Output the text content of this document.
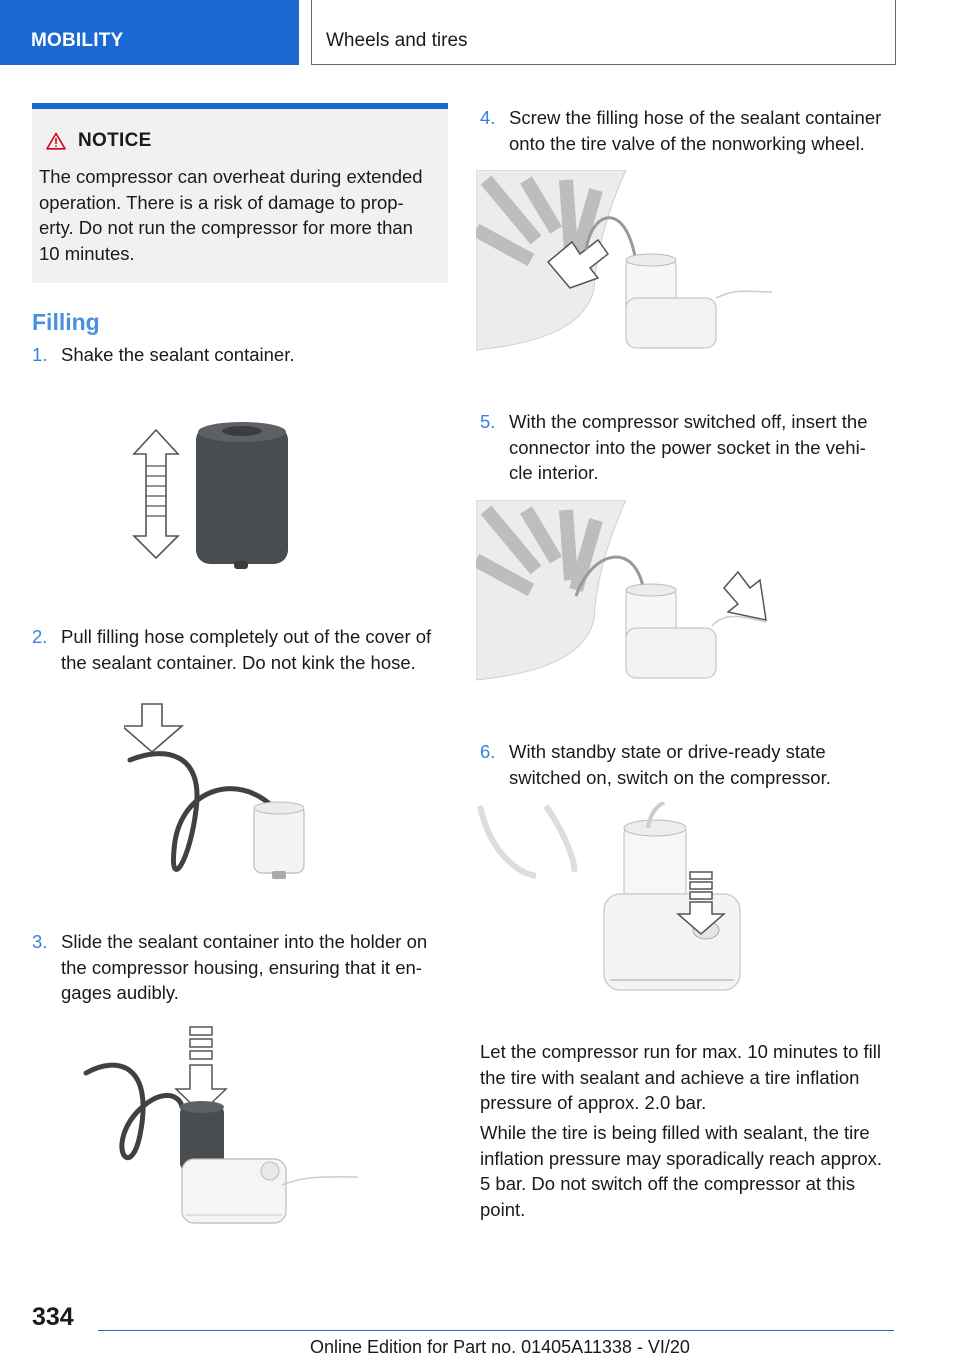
MOBILITY	Wheels and tires
NOTICE
The compressor can overheat during extended
operation. There is a risk of damage to prop‐
erty. Do not run the compressor for more than
10 minutes.
Filling
1. Shake the sealant container.
2. Pull filling hose completely out of the cover of
the sealant container. Do not kink the hose.
3. Slide the sealant container into the holder on
the compressor housing, ensuring that it en‐
gages audibly.
4. Screw the filling hose of the sealant container
onto the tire valve of the nonworking wheel.
5. With the compressor switched off, insert the
connector into the power socket in the vehi‐
cle interior.
6. With standby state or drive-ready state
switched on, switch on the compressor.
Let the compressor run for max. 10 minutes to fill
the tire with sealant and achieve a tire inflation
pressure of approx. 2.0 bar.
While the tire is being filled with sealant, the tire
inflation pressure may sporadically reach approx.
5 bar. Do not switch off the compressor at this
point.
334
Online Edition for Part no. 01405A11338 - VI/20
